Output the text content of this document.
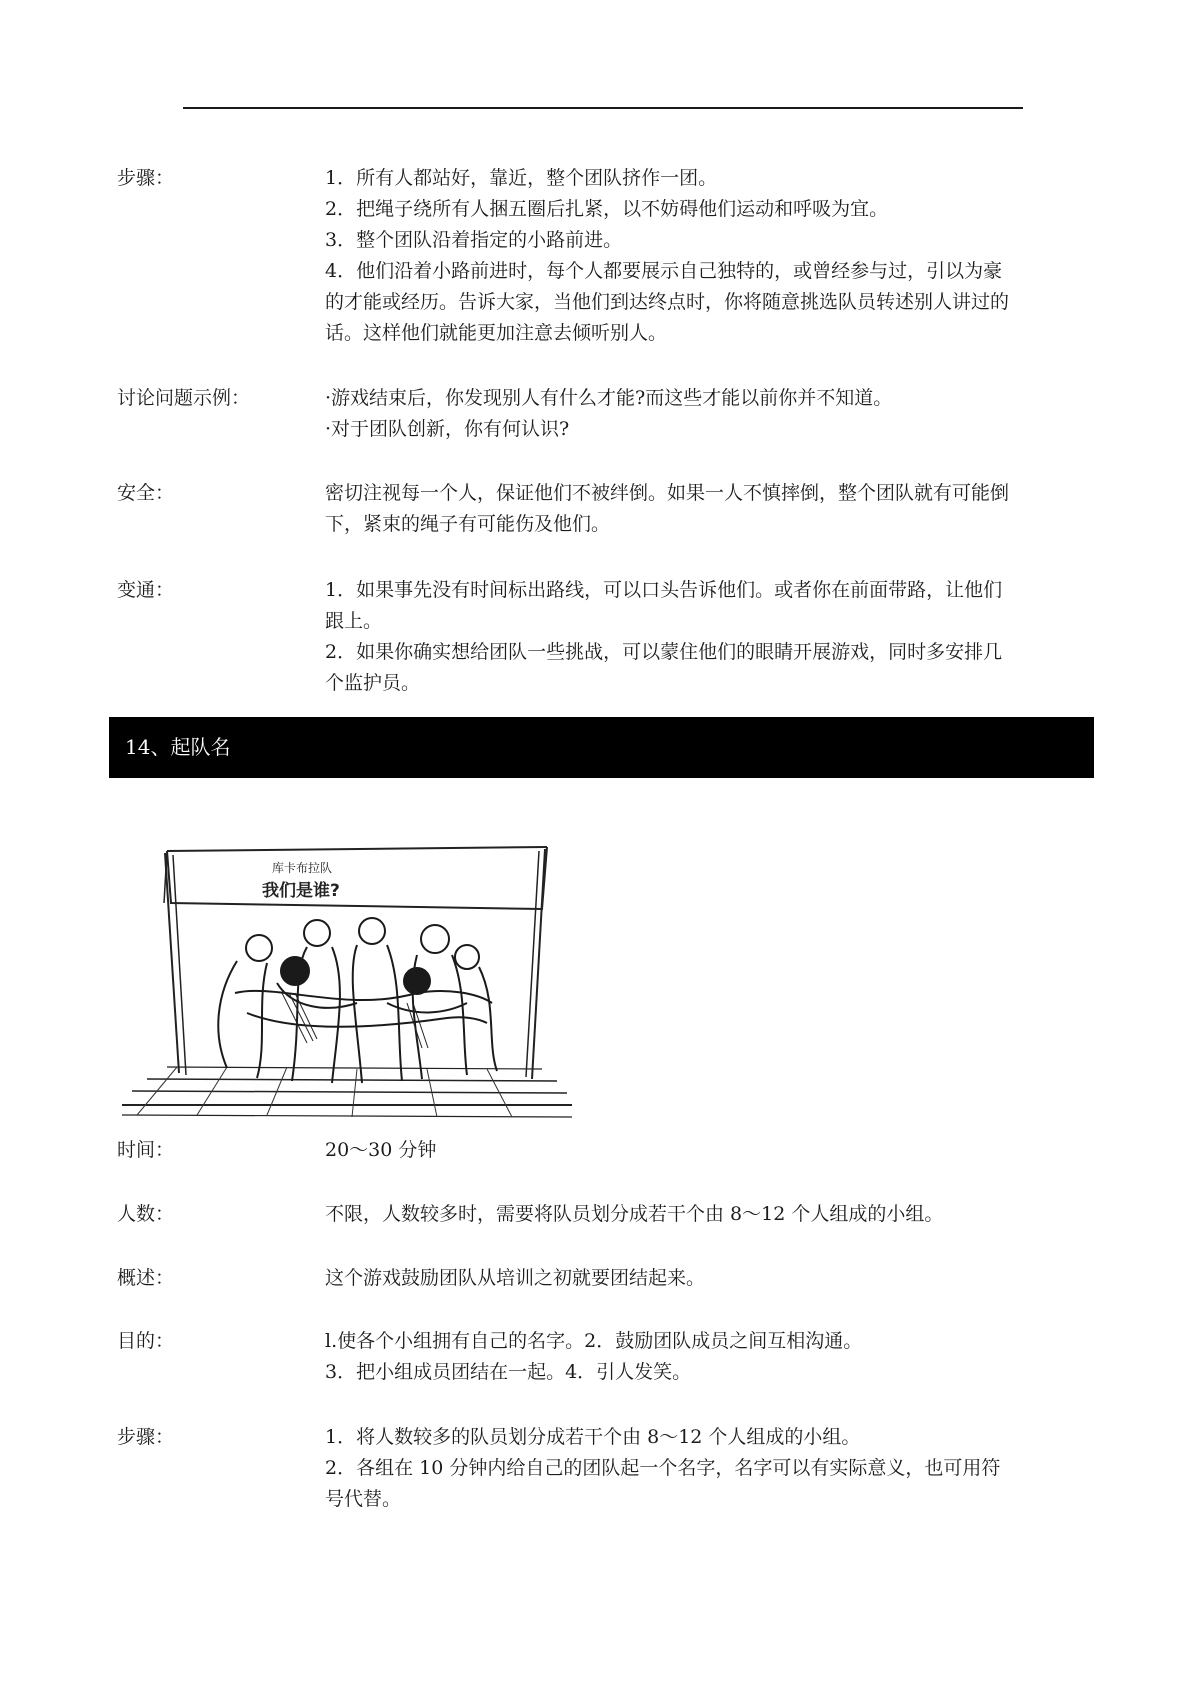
步骤：	1．所有人都站好，靠近，整个团队挤作一团。
2．把绳子绕所有人捆五圈后扎紧，以不妨碍他们运动和呼吸为宜。
3．整个团队沿着指定的小路前进。
4．他们沿着小路前进时，每个人都要展示自己独特的，或曾经参与过，引以为豪
的才能或经历。告诉大家，当他们到达终点时，你将随意挑选队员转述别人讲过的
话。这样他们就能更加注意去倾听别人。
讨论问题示例：	·游戏结束后，你发现别人有什么才能?而这些才能以前你并不知道。
·对于团队创新，你有何认识?
安全：	密切注视每一个人，保证他们不被绊倒。如果一人不慎摔倒，整个团队就有可能倒
下，紧束的绳子有可能伤及他们。
变通：	1．如果事先没有时间标出路线，可以口头告诉他们。或者你在前面带路，让他们
跟上。
2．如果你确实想给团队一些挑战，可以蒙住他们的眼睛开展游戏，同时多安排几
个监护员。
14、起队名
库卡布拉队
我们是谁?
时间：	20～30 分钟
人数：	不限，人数较多时，需要将队员划分成若干个由 8～12 个人组成的小组。
概述：	这个游戏鼓励团队从培训之初就要团结起来。
目的：	l.使各个小组拥有自己的名字。2．鼓励团队成员之间互相沟通。
3．把小组成员团结在一起。4．引人发笑。
步骤：	1．将人数较多的队员划分成若干个由 8～12 个人组成的小组。
2．各组在 10 分钟内给自己的团队起一个名字，名字可以有实际意义，也可用符
号代替。
